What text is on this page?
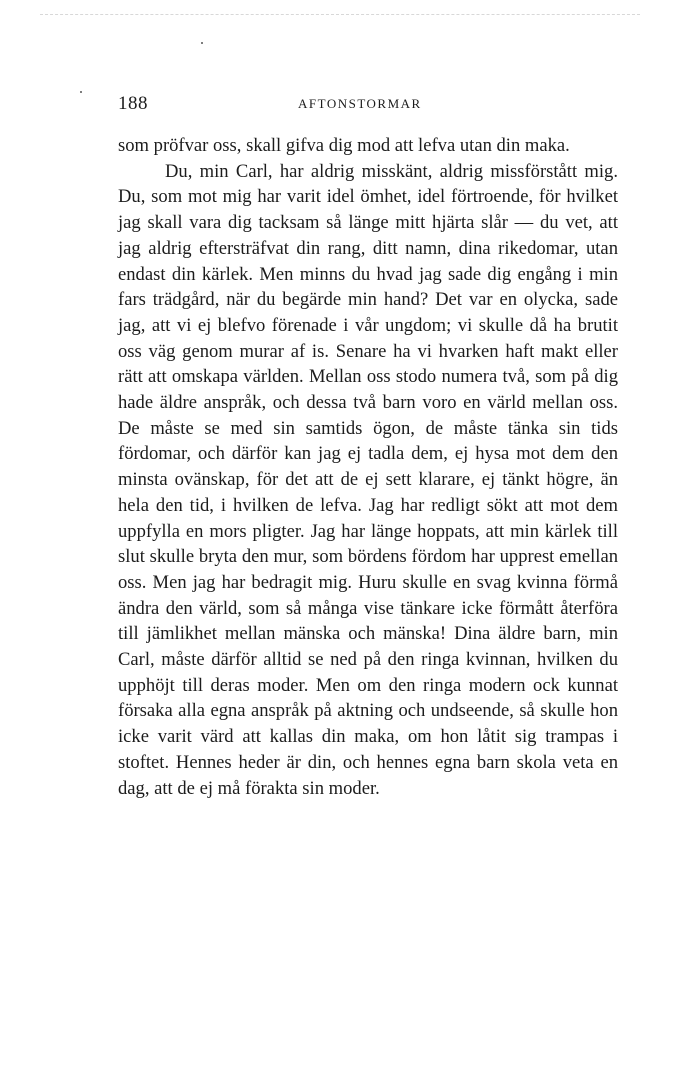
188	AFTONSTORMAR

som pröfvar oss, skall gifva dig mod att lefva utan din maka.

Du, min Carl, har aldrig misskänt, aldrig missförstått mig. Du, som mot mig har varit idel ömhet, idel förtroende, för hvilket jag skall vara dig tacksam så länge mitt hjärta slår — du vet, att jag aldrig eftersträfvat din rang, ditt namn, dina rikedomar, utan endast din kärlek. Men minns du hvad jag sade dig engång i min fars trädgård, när du begärde min hand? Det var en olycka, sade jag, att vi ej blefvo förenade i vår ungdom; vi skulle då ha brutit oss väg genom murar af is. Senare ha vi hvarken haft makt eller rätt att omskapa världen. Mellan oss stodo numera två, som på dig hade äldre anspråk, och dessa två barn voro en värld mellan oss. De måste se med sin samtids ögon, de måste tänka sin tids fördomar, och därför kan jag ej tadla dem, ej hysa mot dem den minsta ovänskap, för det att de ej sett klarare, ej tänkt högre, än hela den tid, i hvilken de lefva. Jag har redligt sökt att mot dem uppfylla en mors pligter. Jag har länge hoppats, att min kärlek till slut skulle bryta den mur, som bördens fördom har upprest emellan oss. Men jag har bedragit mig. Huru skulle en svag kvinna förmå ändra den värld, som så många vise tänkare icke förmått återföra till jämlikhet mellan mänska och mänska! Dina äldre barn, min Carl, måste därför alltid se ned på den ringa kvinnan, hvilken du upphöjt till deras moder. Men om den ringa modern ock kunnat försaka alla egna anspråk på aktning och undseende, så skulle hon icke varit värd att kallas din maka, om hon låtit sig trampas i stoftet. Hennes heder är din, och hennes egna barn skola veta en dag, att de ej må förakta sin moder.
